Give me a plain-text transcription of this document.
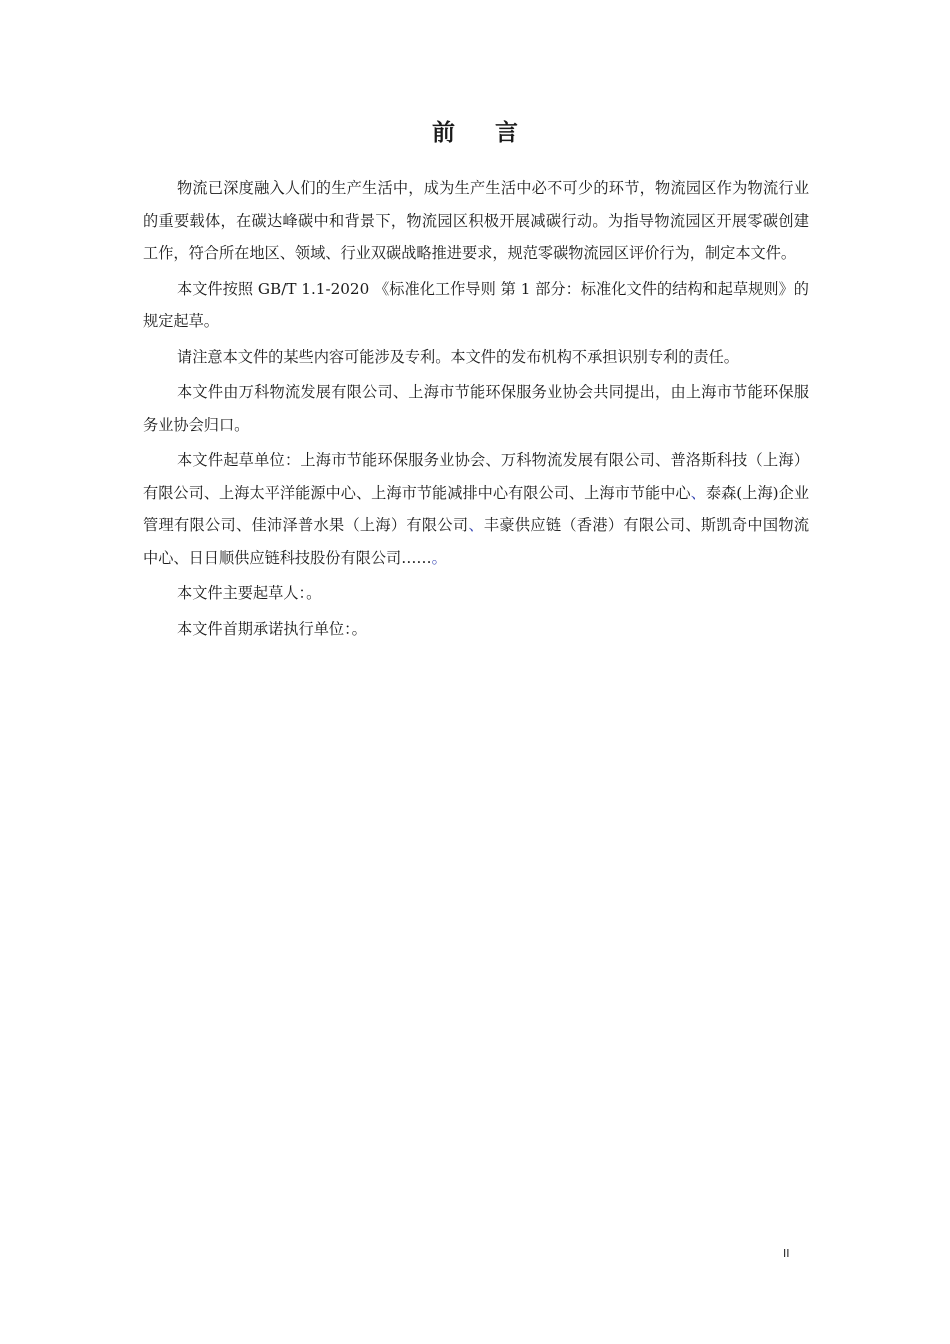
前 言

物流已深度融入人们的生产生活中，成为生产生活中必不可少的环节，物流园区作为物流行业的重要载体，在碳达峰碳中和背景下，物流园区积极开展减碳行动。为指导物流园区开展零碳创建工作，符合所在地区、领域、行业双碳战略推进要求，规范零碳物流园区评价行为，制定本文件。

本文件按照 GB/T 1.1-2020 《标准化工作导则 第 1 部分：标准化文件的结构和起草规则》的规定起草。

请注意本文件的某些内容可能涉及专利。本文件的发布机构不承担识别专利的责任。

本文件由万科物流发展有限公司、上海市节能环保服务业协会共同提出，由上海市节能环保服务业协会归口。

本文件起草单位：上海市节能环保服务业协会、万科物流发展有限公司、普洛斯科技（上海）有限公司、上海太平洋能源中心、上海市节能减排中心有限公司、上海市节能中心、泰森(上海)企业管理有限公司、佳沛泽普水果（上海）有限公司、丰豪供应链（香港）有限公司、斯凯奇中国物流中心、日日顺供应链科技股份有限公司……。

本文件主要起草人：。

本文件首期承诺执行单位：。

II
